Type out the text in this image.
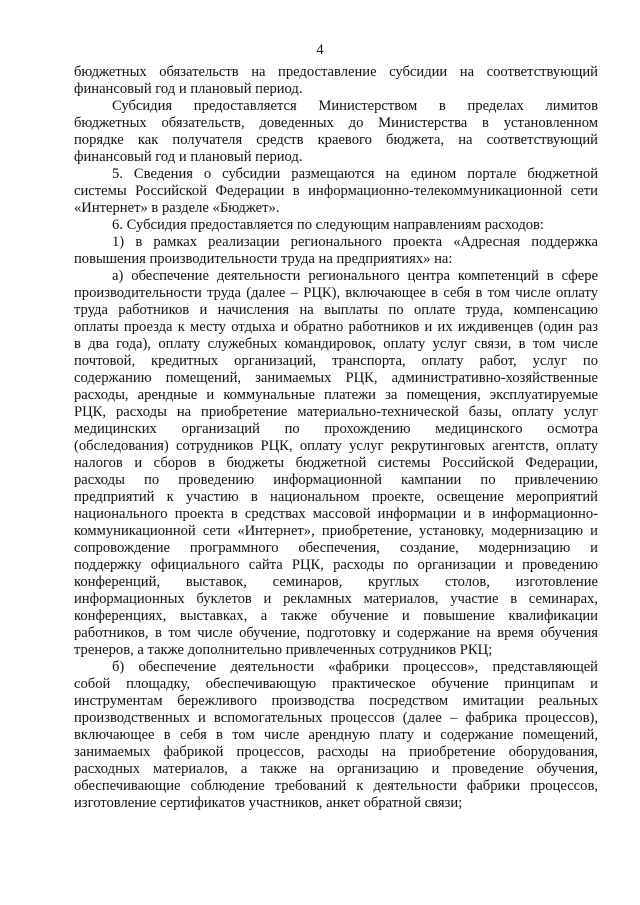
4
бюджетных обязательств на предоставление субсидии на соответствующий
финансовый год и плановый период.
Субсидия предоставляется Министерством в пределах лимитов
бюджетных обязательств, доведенных до Министерства в установленном
порядке как получателя средств краевого бюджета, на соответствующий
финансовый год и плановый период.
5. Сведения о субсидии размещаются на едином портале бюджетной
системы Российской Федерации в информационно-телекоммуникационной сети
«Интернет» в разделе «Бюджет».
6. Субсидия предоставляется по следующим направлениям расходов:
1) в рамках реализации регионального проекта «Адресная поддержка
повышения производительности труда на предприятиях» на:
а) обеспечение деятельности регионального центра компетенций в сфере
производительности труда (далее – РЦК), включающее в себя в том числе оплату
труда работников и начисления на выплаты по оплате труда, компенсацию
оплаты проезда к месту отдыха и обратно работников и их иждивенцев (один раз
в два года), оплату служебных командировок, оплату услуг связи, в том числе
почтовой, кредитных организаций, транспорта, оплату работ, услуг по
содержанию помещений, занимаемых РЦК, административно-хозяйственные
расходы, арендные и коммунальные платежи за помещения, эксплуатируемые
РЦК, расходы на приобретение материально-технической базы, оплату услуг
медицинских организаций по прохождению медицинского осмотра
(обследования) сотрудников РЦК, оплату услуг рекрутинговых агентств, оплату
налогов и сборов в бюджеты бюджетной системы Российской Федерации,
расходы по проведению информационной кампании по привлечению
предприятий к участию в национальном проекте, освещение мероприятий
национального проекта в средствах массовой информации и в информационно-
коммуникационной сети «Интернет», приобретение, установку, модернизацию и
сопровождение программного обеспечения, создание, модернизацию и
поддержку официального сайта РЦК, расходы по организации и проведению
конференций, выставок, семинаров, круглых столов, изготовление
информационных буклетов и рекламных материалов, участие в семинарах,
конференциях, выставках, а также обучение и повышение квалификации
работников, в том числе обучение, подготовку и содержание на время обучения
тренеров, а также дополнительно привлеченных сотрудников РКЦ;
б) обеспечение деятельности «фабрики процессов», представляющей
собой площадку, обеспечивающую практическое обучение принципам и
инструментам бережливого производства посредством имитации реальных
производственных и вспомогательных процессов (далее – фабрика процессов),
включающее в себя в том числе арендную плату и содержание помещений,
занимаемых фабрикой процессов, расходы на приобретение оборудования,
расходных материалов, а также на организацию и проведение обучения,
обеспечивающие соблюдение требований к деятельности фабрики процессов,
изготовление сертификатов участников, анкет обратной связи;
